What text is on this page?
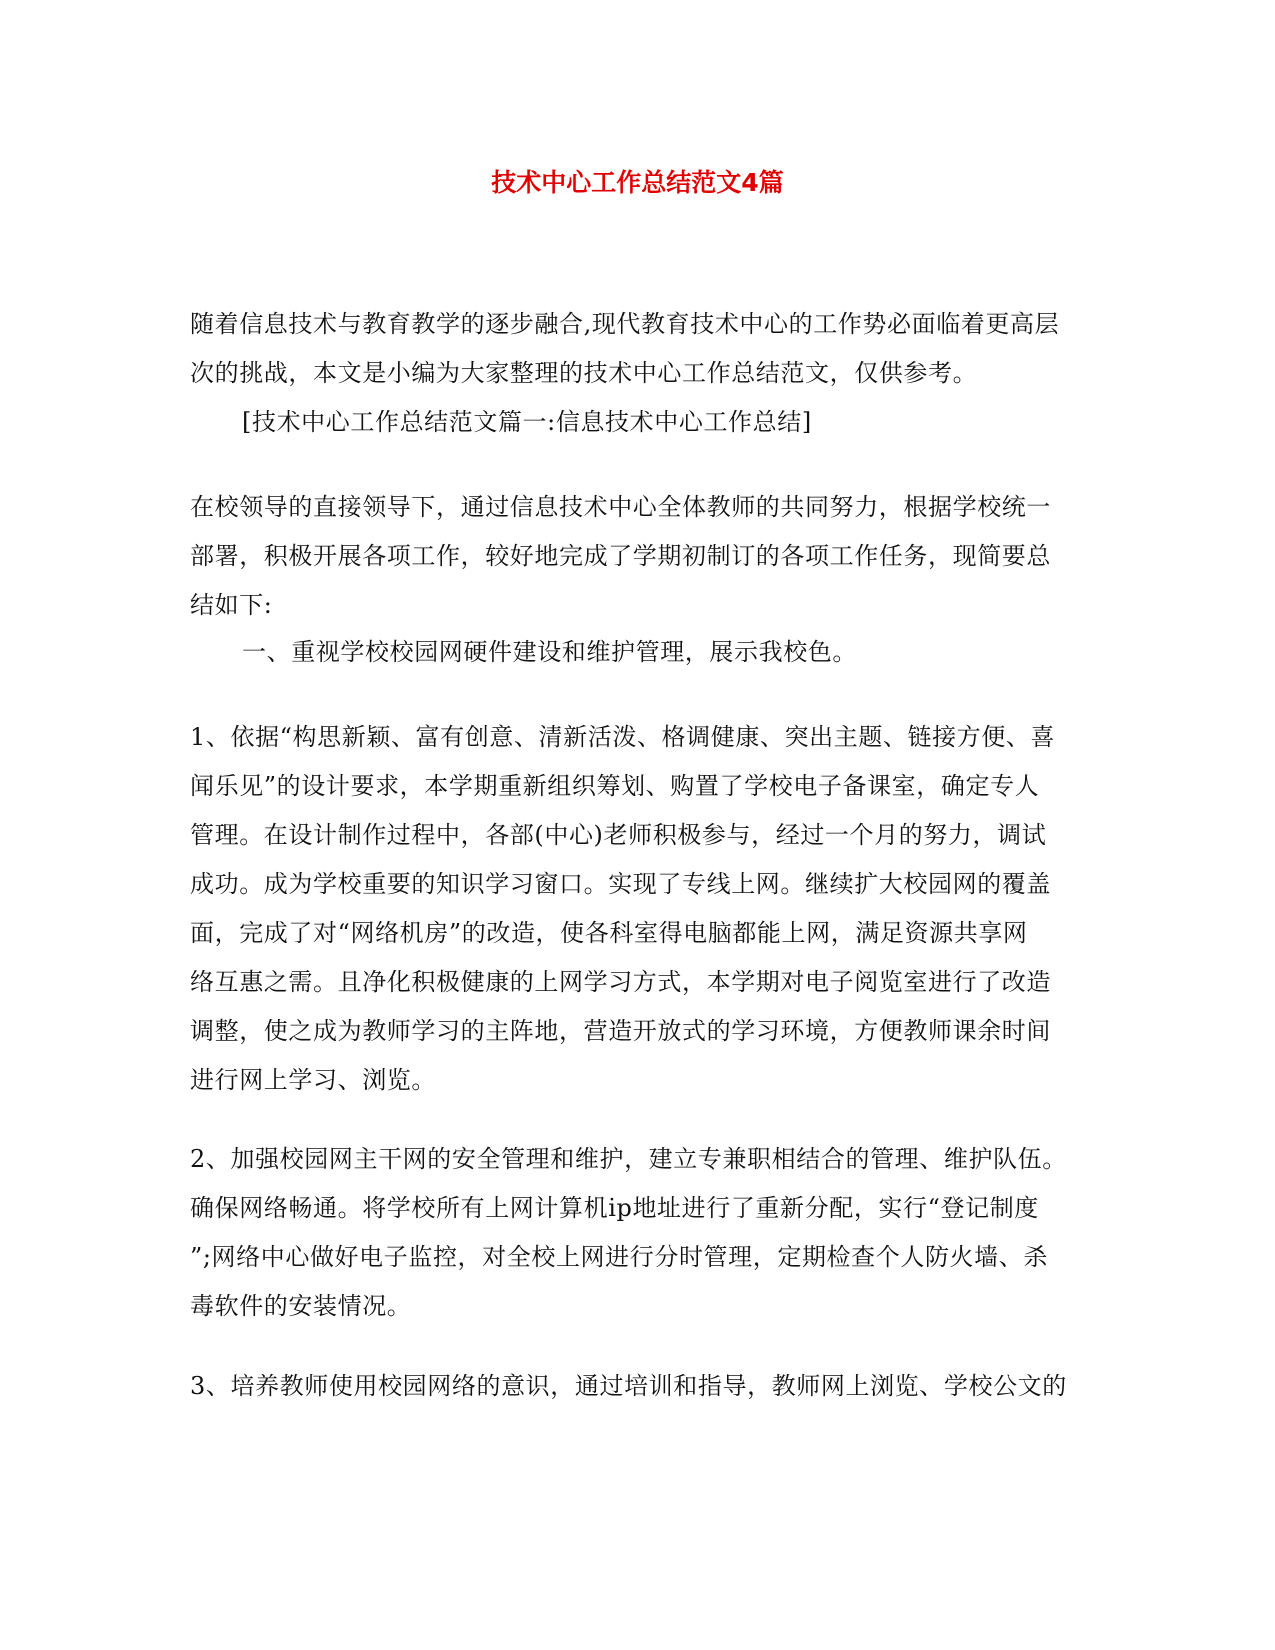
技术中心工作总结范文4篇

随着信息技术与教育教学的逐步融合,现代教育技术中心的工作势必面临着更高层
次的挑战，本文是小编为大家整理的技术中心工作总结范文，仅供参考。

[技术中心工作总结范文篇一:信息技术中心工作总结]

在校领导的直接领导下，通过信息技术中心全体教师的共同努力，根据学校统一
部署，积极开展各项工作，较好地完成了学期初制订的各项工作任务，现简要总
结如下:

一、重视学校校园网硬件建设和维护管理，展示我校色。

1、依据“构思新颖、富有创意、清新活泼、格调健康、突出主题、链接方便、喜
闻乐见”的设计要求，本学期重新组织筹划、购置了学校电子备课室，确定专人
管理。在设计制作过程中，各部(中心)老师积极参与，经过一个月的努力，调试
成功。成为学校重要的知识学习窗口。实现了专线上网。继续扩大校园网的覆盖
面，完成了对“网络机房”的改造，使各科室得电脑都能上网，满足资源共享网
络互惠之需。且净化积极健康的上网学习方式，本学期对电子阅览室进行了改造
调整，使之成为教师学习的主阵地，营造开放式的学习环境，方便教师课余时间
进行网上学习、浏览。

2、加强校园网主干网的安全管理和维护，建立专兼职相结合的管理、维护队伍。
确保网络畅通。将学校所有上网计算机ip地址进行了重新分配，实行“登记制度
”;网络中心做好电子监控，对全校上网进行分时管理，定期检查个人防火墙、杀
毒软件的安装情况。

3、培养教师使用校园网络的意识，通过培训和指导，教师网上浏览、学校公文的
